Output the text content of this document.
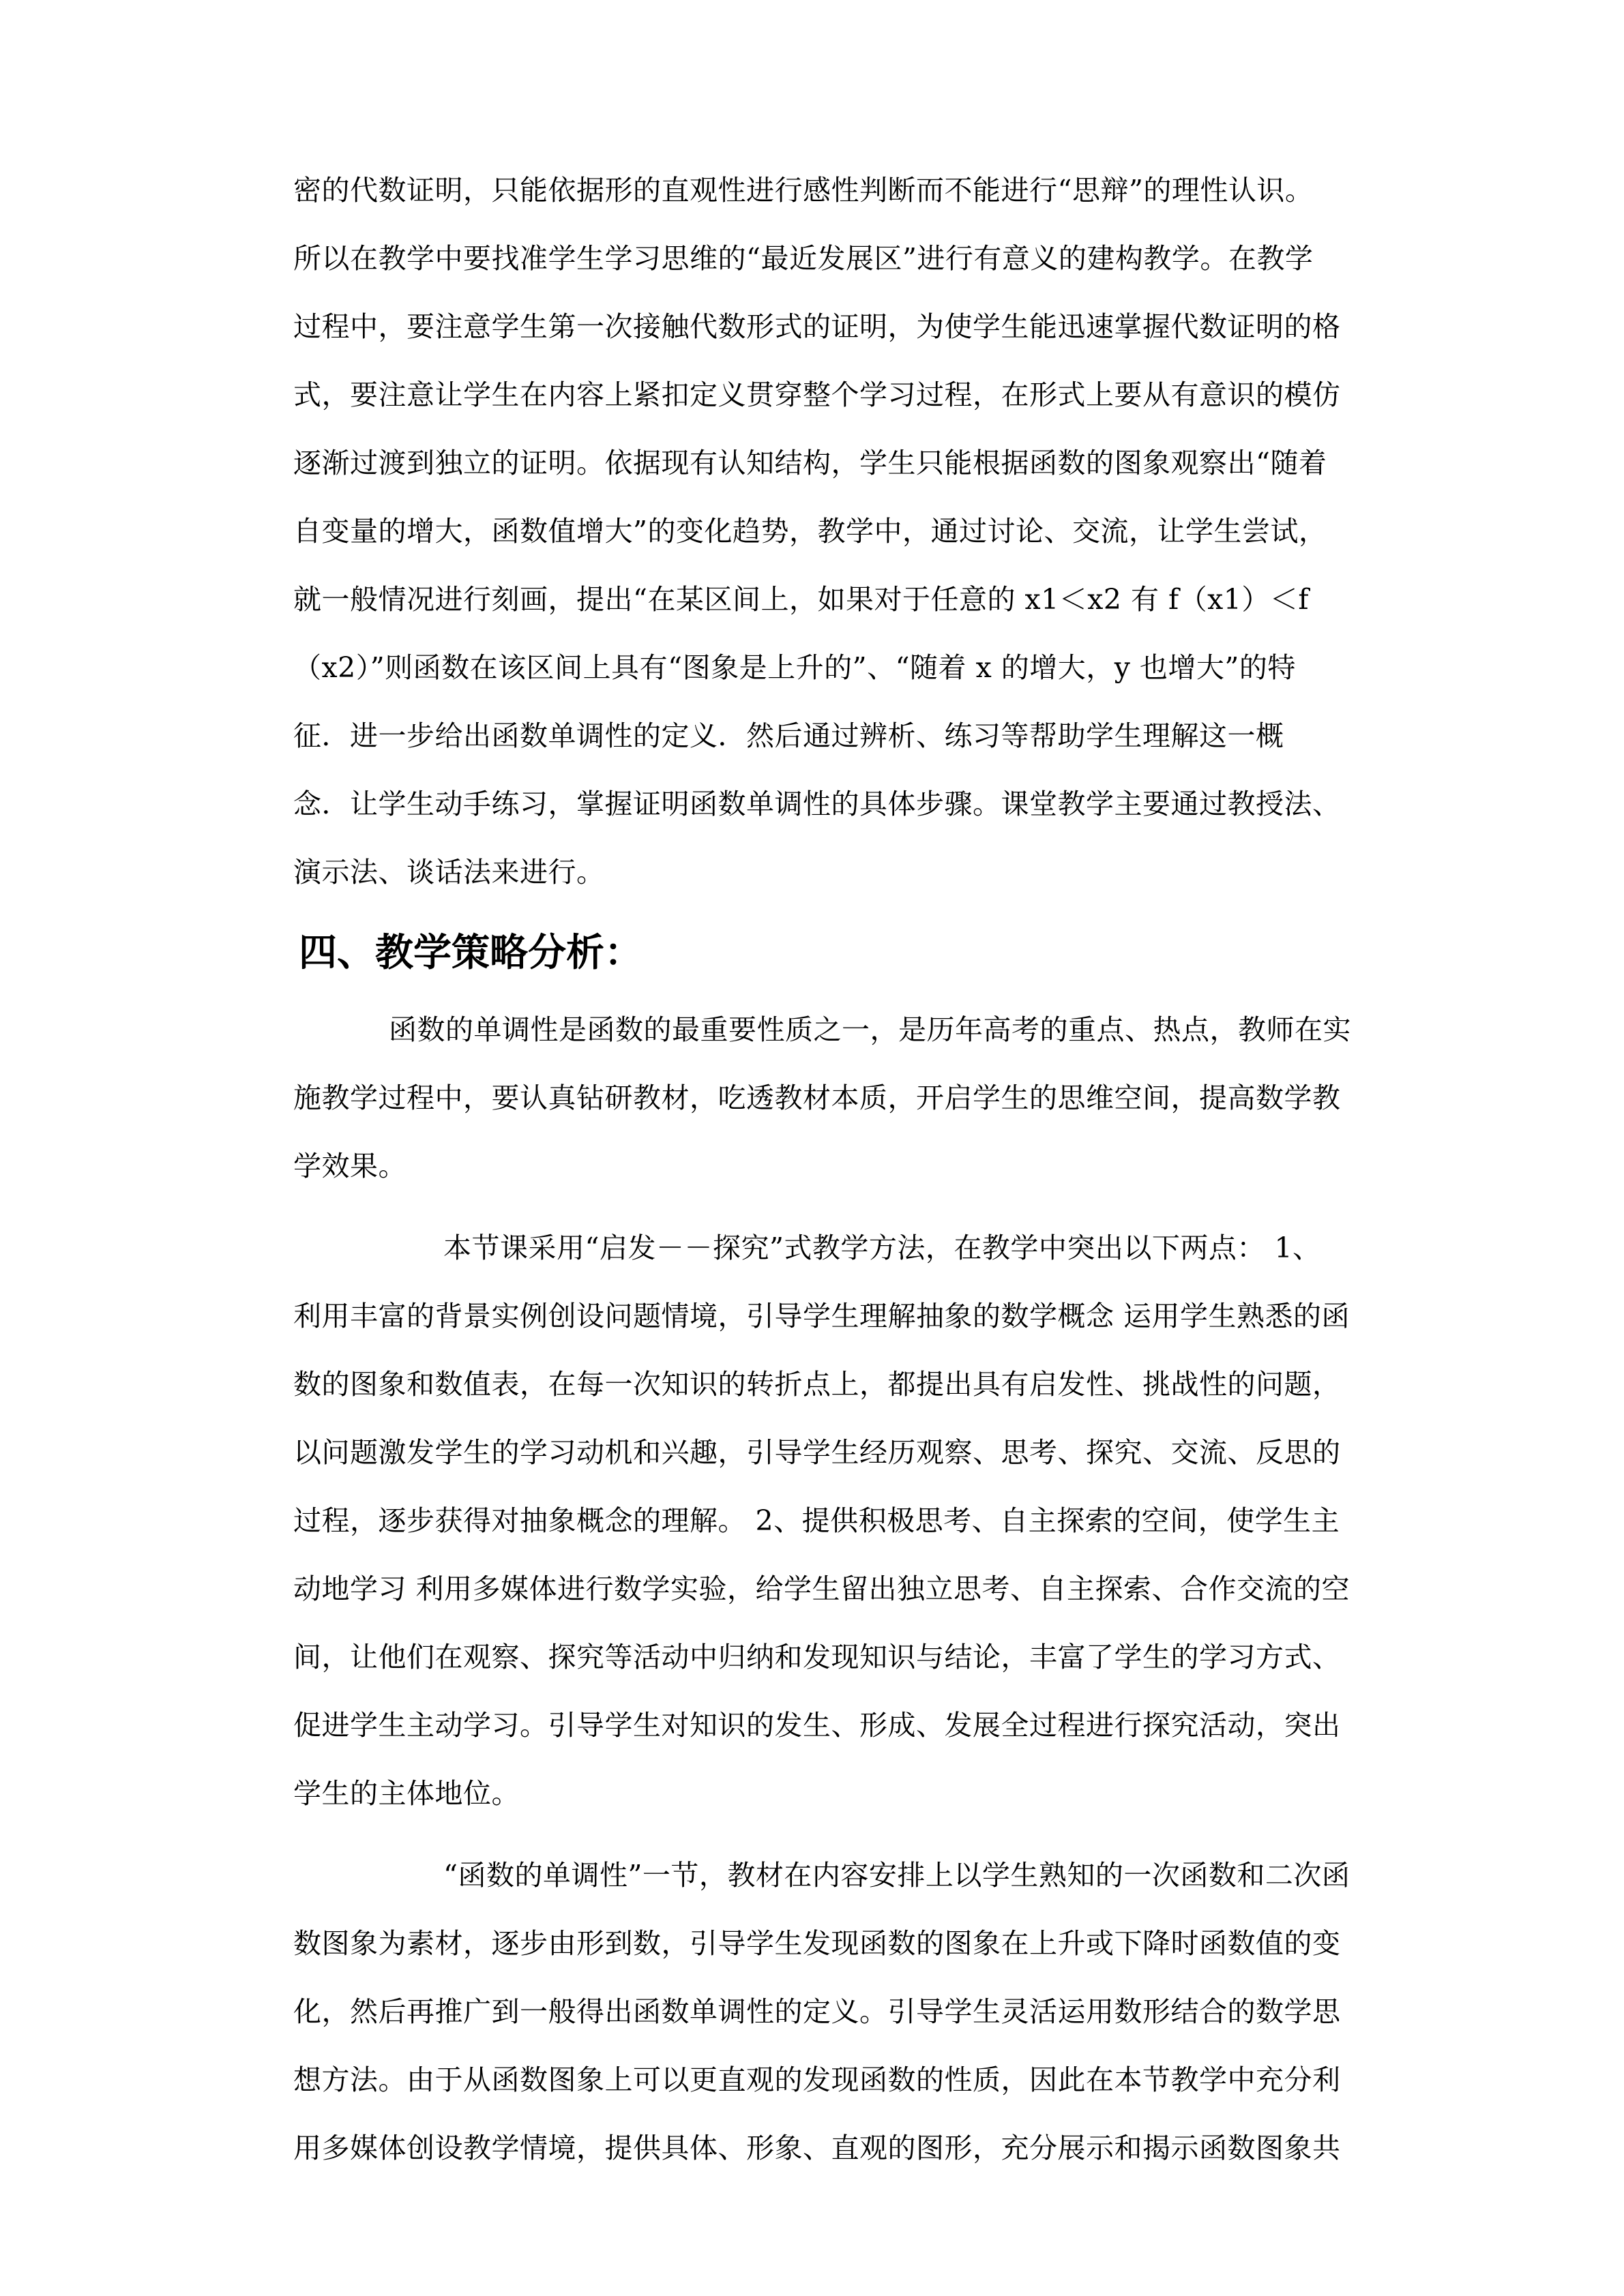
密的代数证明，只能依据形的直观性进行感性判断而不能进行“思辩”的理性认识。
所以在教学中要找准学生学习思维的“最近发展区”进行有意义的建构教学。在教学
过程中，要注意学生第一次接触代数形式的证明，为使学生能迅速掌握代数证明的格
式，要注意让学生在内容上紧扣定义贯穿整个学习过程，在形式上要从有意识的模仿
逐渐过渡到独立的证明。依据现有认知结构，学生只能根据函数的图象观察出“随着
自变量的增大，函数值增大”的变化趋势，教学中，通过讨论、交流，让学生尝试，
就一般情况进行刻画，提出“在某区间上，如果对于任意的 x1＜x2 有 f（x1）＜f
（x2）”则函数在该区间上具有“图象是上升的”、“随着 x 的增大，y 也增大”的特
征．进一步给出函数单调性的定义．然后通过辨析、练习等帮助学生理解这一概
念．让学生动手练习，掌握证明函数单调性的具体步骤。课堂教学主要通过教授法、
演示法、谈话法来进行。
四、教学策略分析：
函数的单调性是函数的最重要性质之一，是历年高考的重点、热点，教师在实
施教学过程中，要认真钻研教材，吃透教材本质，开启学生的思维空间，提高数学教
学效果。
本节课采用“启发－－探究”式教学方法，在教学中突出以下两点： 1、
利用丰富的背景实例创设问题情境，引导学生理解抽象的数学概念 运用学生熟悉的函
数的图象和数值表，在每一次知识的转折点上，都提出具有启发性、挑战性的问题，
以问题激发学生的学习动机和兴趣，引导学生经历观察、思考、探究、交流、反思的
过程，逐步获得对抽象概念的理解。 2、提供积极思考、自主探索的空间，使学生主
动地学习 利用多媒体进行数学实验，给学生留出独立思考、自主探索、合作交流的空
间，让他们在观察、探究等活动中归纳和发现知识与结论，丰富了学生的学习方式、
促进学生主动学习。引导学生对知识的发生、形成、发展全过程进行探究活动，突出
学生的主体地位。
“函数的单调性”一节，教材在内容安排上以学生熟知的一次函数和二次函
数图象为素材，逐步由形到数，引导学生发现函数的图象在上升或下降时函数值的变
化，然后再推广到一般得出函数单调性的定义。引导学生灵活运用数形结合的数学思
想方法。由于从函数图象上可以更直观的发现函数的性质，因此在本节教学中充分利
用多媒体创设教学情境，提供具体、形象、直观的图形，充分展示和揭示函数图象共
